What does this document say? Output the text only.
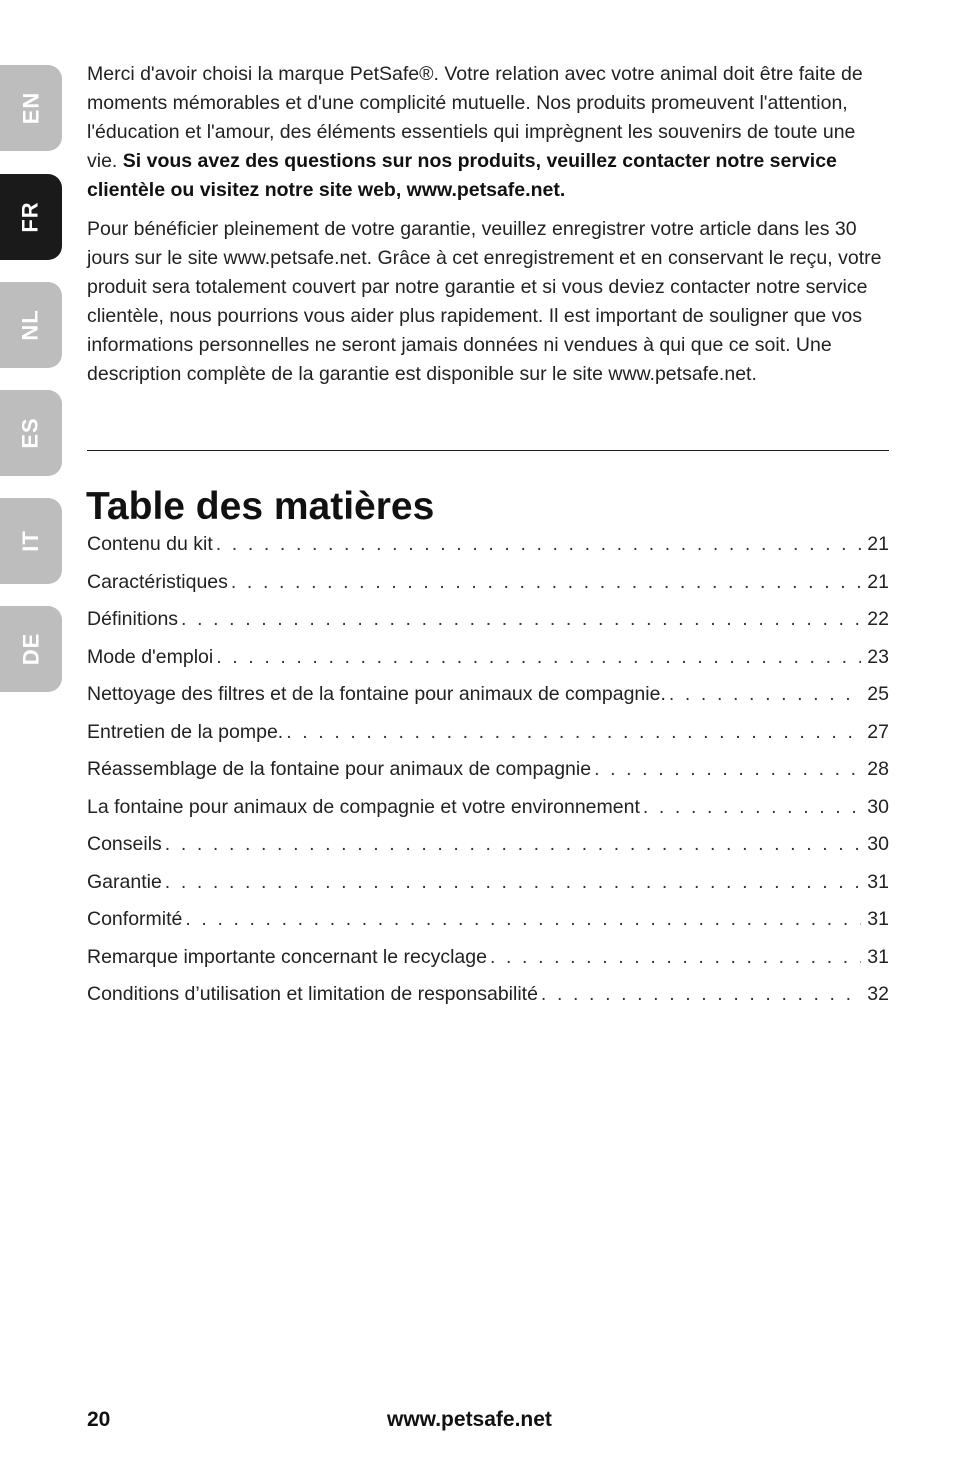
EN
FR
NL
ES
IT
DE

Merci d'avoir choisi la marque PetSafe®. Votre relation avec votre animal doit être faite de moments mémorables et d'une complicité mutuelle. Nos produits promeuvent l'attention, l'éducation et l'amour, des éléments essentiels qui imprègnent les souvenirs de toute une vie. Si vous avez des questions sur nos produits, veuillez contacter notre service clientèle ou visitez notre site web, www.petsafe.net.

Pour bénéficier pleinement de votre garantie, veuillez enregistrer votre article dans les 30 jours sur le site www.petsafe.net. Grâce à cet enregistrement et en conservant le reçu, votre produit sera totalement couvert par notre garantie et si vous deviez contacter notre service clientèle, nous pourrions vous aider plus rapidement. Il est important de souligner que vos informations personnelles ne seront jamais données ni vendues à qui que ce soit. Une description complète de la garantie est disponible sur le site www.petsafe.net.

Table des matières
Contenu du kit . . .	21
Caractéristiques . . .	21
Définitions . . .	22
Mode d'emploi . . .	23
Nettoyage des filtres et de la fontaine pour animaux de compagnie. . . .	25
Entretien de la pompe. . . .	27
Réassemblage de la fontaine pour animaux de compagnie . . .	28
La fontaine pour animaux de compagnie et votre environnement . . .	30
Conseils . . .	30
Garantie . . .	31
Conformité . . .	31
Remarque importante concernant le recyclage . . .	31
Conditions d’utilisation et limitation de responsabilité . . .	32
20	www.petsafe.net
